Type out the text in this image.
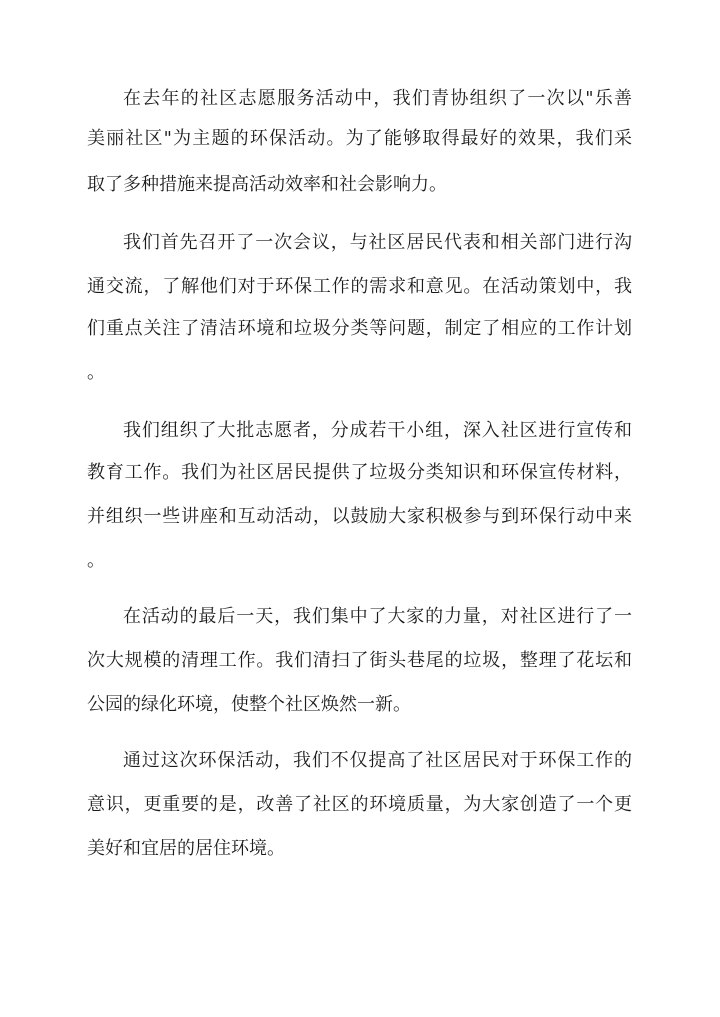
在去年的社区志愿服务活动中，我们青协组织了一次以"乐善
美丽社区"为主题的环保活动。为了能够取得最好的效果，我们采
取了多种措施来提高活动效率和社会影响力。
我们首先召开了一次会议，与社区居民代表和相关部门进行沟
通交流，了解他们对于环保工作的需求和意见。在活动策划中，我
们重点关注了清洁环境和垃圾分类等问题，制定了相应的工作计划
。
我们组织了大批志愿者，分成若干小组，深入社区进行宣传和
教育工作。我们为社区居民提供了垃圾分类知识和环保宣传材料，
并组织一些讲座和互动活动，以鼓励大家积极参与到环保行动中来
。
在活动的最后一天，我们集中了大家的力量，对社区进行了一
次大规模的清理工作。我们清扫了街头巷尾的垃圾，整理了花坛和
公园的绿化环境，使整个社区焕然一新。
通过这次环保活动，我们不仅提高了社区居民对于环保工作的
意识，更重要的是，改善了社区的环境质量，为大家创造了一个更
美好和宜居的居住环境。
